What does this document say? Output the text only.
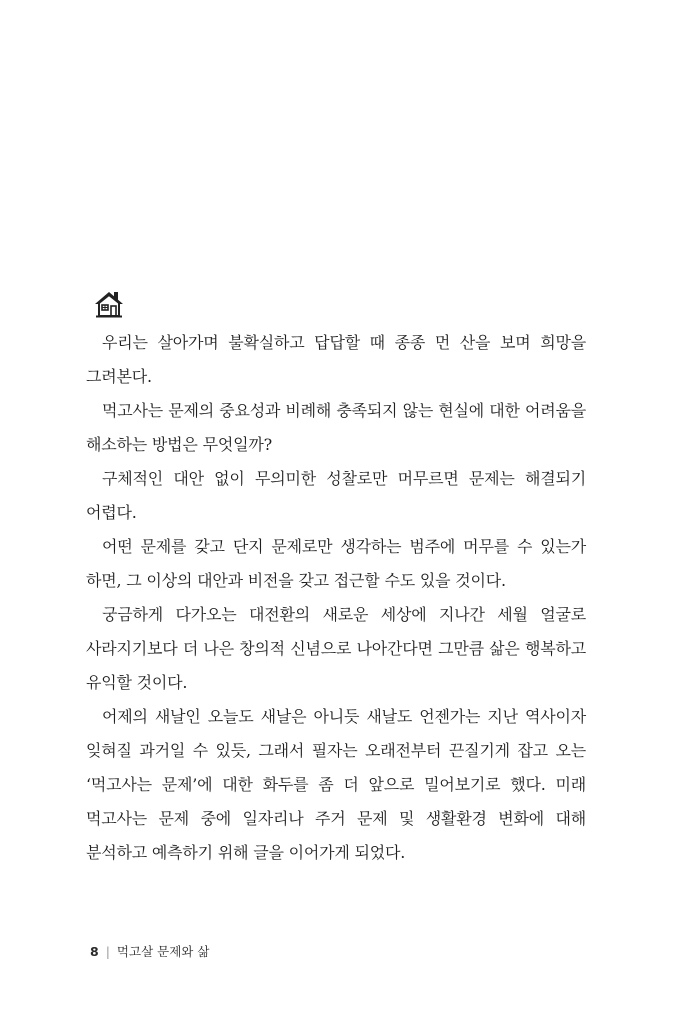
우리는 살아가며 불확실하고 답답할 때 종종 먼 산을 보며 희망을 그려본다.

먹고사는 문제의 중요성과 비례해 충족되지 않는 현실에 대한 어려움을 해소하는 방법은 무엇일까?

구체적인 대안 없이 무의미한 성찰로만 머무르면 문제는 해결되기 어렵다.

어떤 문제를 갖고 단지 문제로만 생각하는 범주에 머무를 수 있는가 하면, 그 이상의 대안과 비전을 갖고 접근할 수도 있을 것이다.

궁금하게 다가오는 대전환의 새로운 세상에 지나간 세월 얼굴로 사라지기보다 더 나은 창의적 신념으로 나아간다면 그만큼 삶은 행복하고 유익할 것이다.

어제의 새날인 오늘도 새날은 아니듯 새날도 언젠가는 지난 역사이자 잊혀질 과거일 수 있듯, 그래서 필자는 오래전부터 끈질기게 잡고 오는 ‘먹고사는 문제’에 대한 화두를 좀 더 앞으로 밀어보기로 했다. 미래 먹고사는 문제 중에 일자리나 주거 문제 및 생활환경 변화에 대해 분석하고 예측하기 위해 글을 이어가게 되었다.

8 | 먹고살 문제와 삶
